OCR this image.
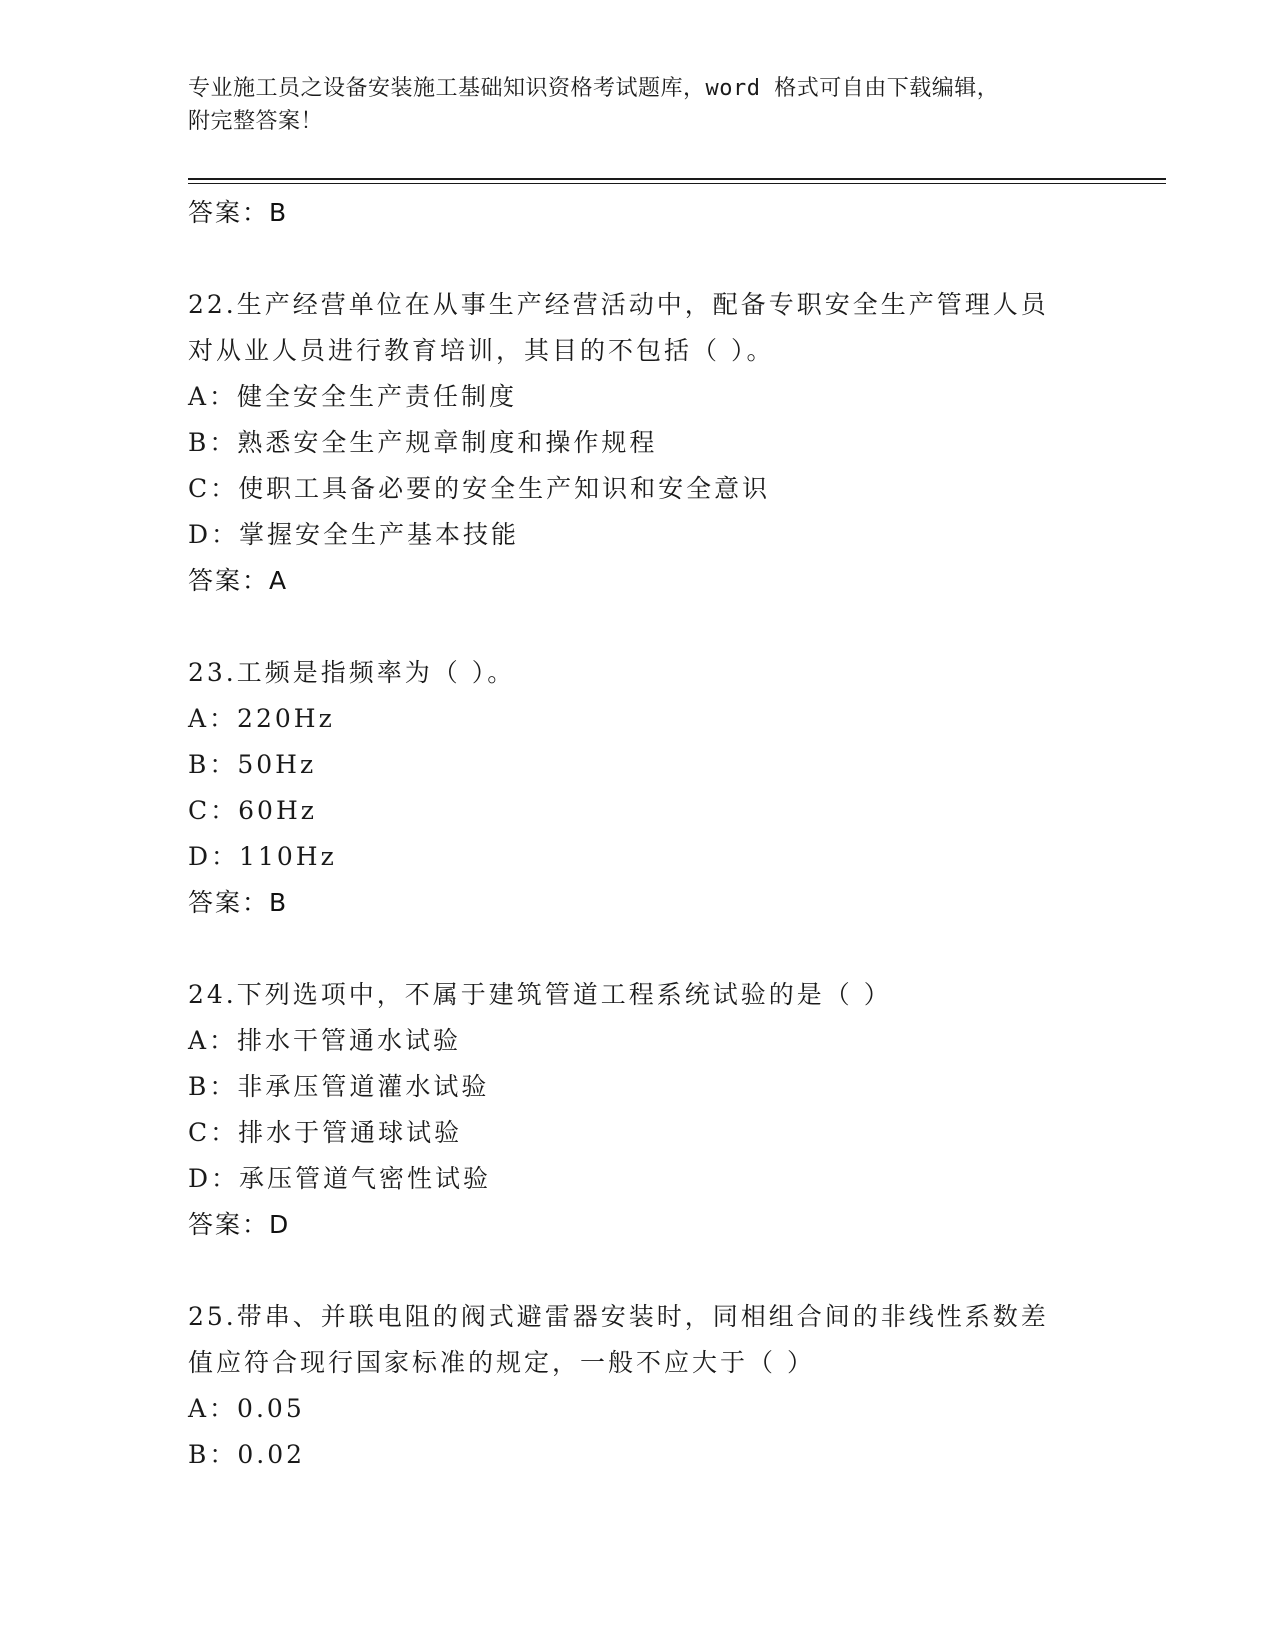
专业施工员之设备安装施工基础知识资格考试题库，word 格式可自由下载编辑，
附完整答案！
答案：B
22.生产经营单位在从事生产经营活动中，配备专职安全生产管理人员
对从业人员进行教育培训，其目的不包括（ ）。
A：健全安全生产责任制度
B：熟悉安全生产规章制度和操作规程
C：使职工具备必要的安全生产知识和安全意识
D：掌握安全生产基本技能
答案：A
23.工频是指频率为（ ）。
A：220Hz
B：50Hz
C：60Hz
D：110Hz
答案：B
24.下列选项中，不属于建筑管道工程系统试验的是（ ）
A：排水干管通水试验
B：非承压管道灌水试验
C：排水于管通球试验
D：承压管道气密性试验
答案：D
25.带串、并联电阻的阀式避雷器安装时，同相组合间的非线性系数差
值应符合现行国家标准的规定，一般不应大于（ ）
A：0.05
B：0.02
